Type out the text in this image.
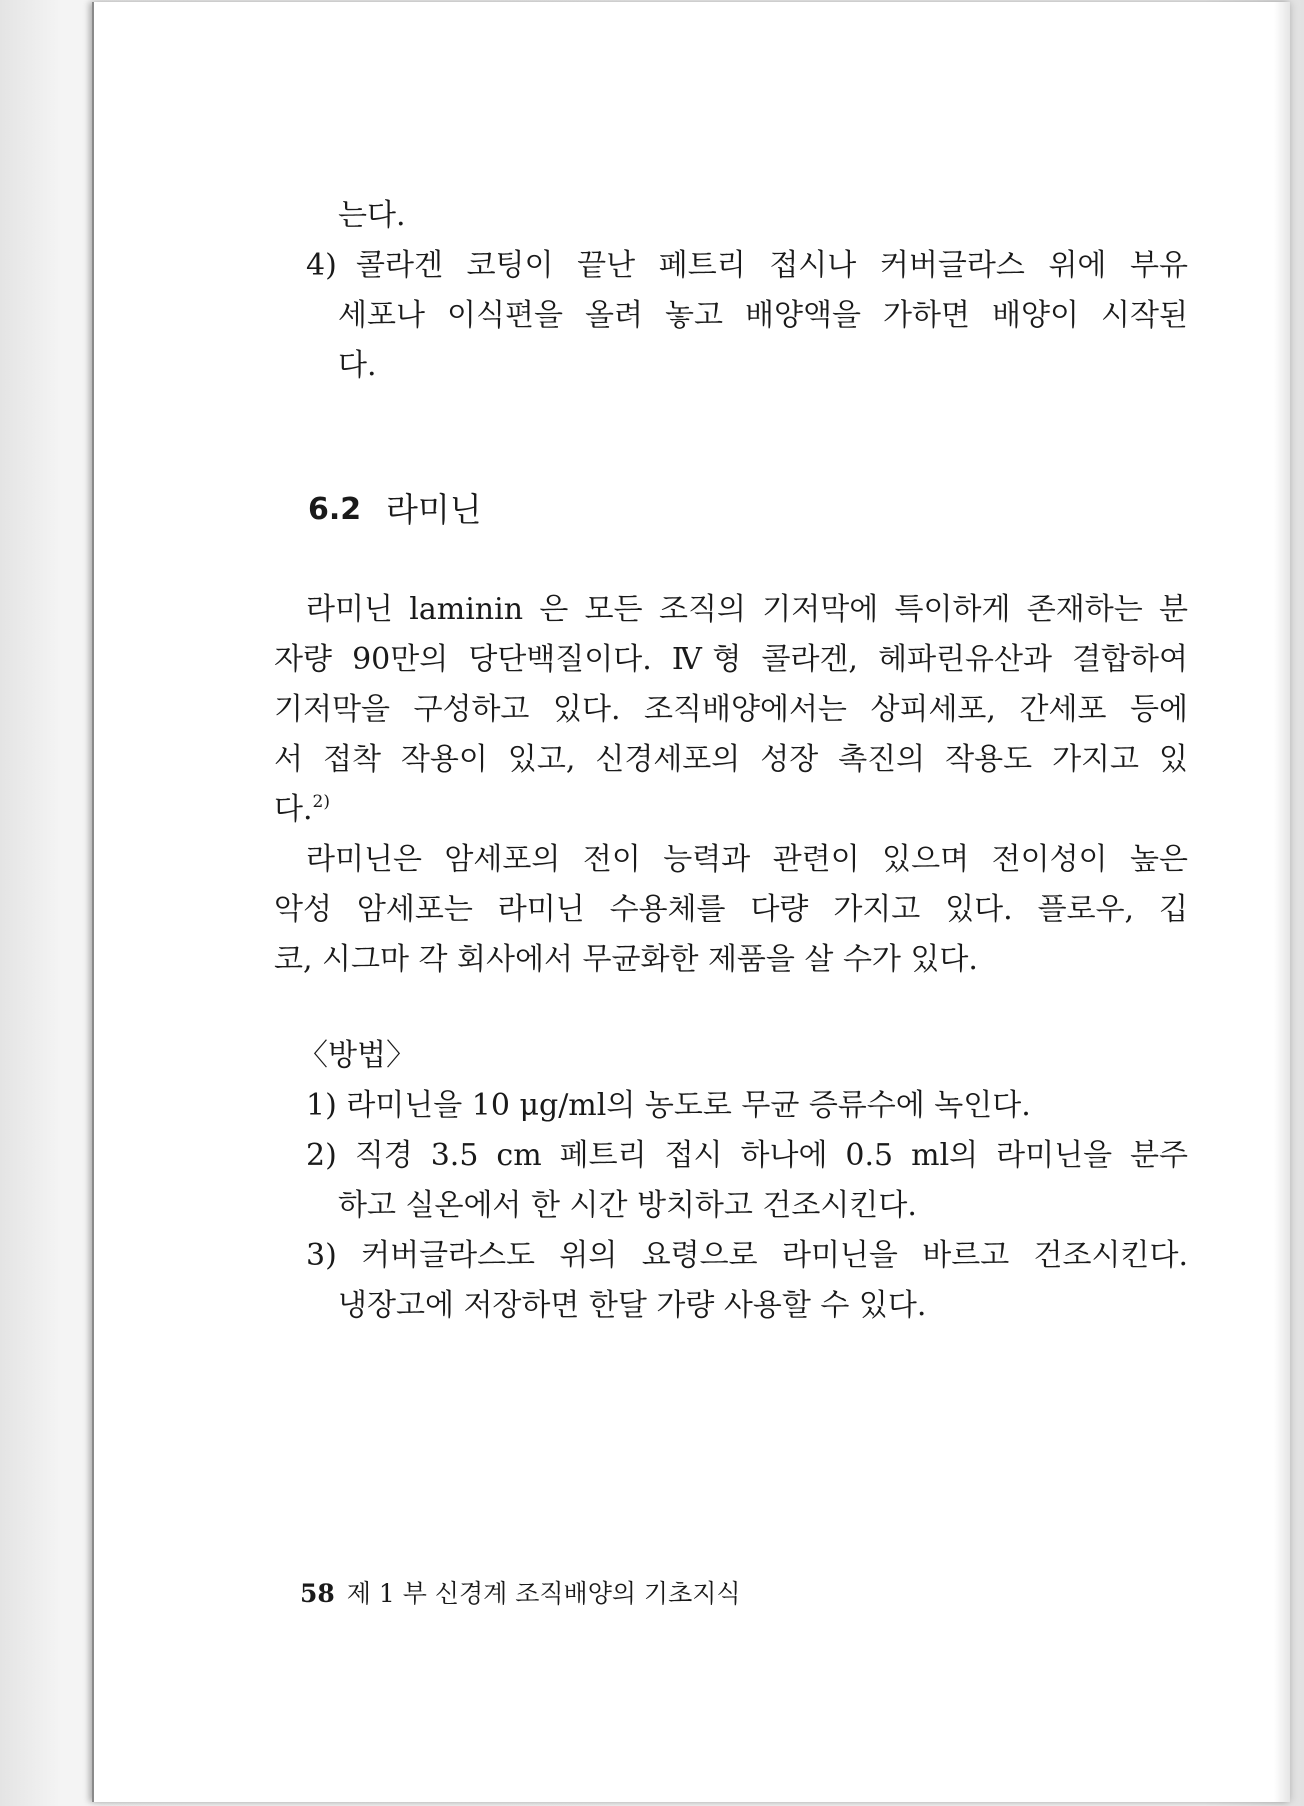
는다.
4) 콜라겐 코팅이 끝난 페트리 접시나 커버글라스 위에 부유
세포나 이식편을 올려 놓고 배양액을 가하면 배양이 시작된
다.
6.2 라미닌
라미닌 laminin 은 모든 조직의 기저막에 특이하게 존재하는 분
자량 90만의 당단백질이다. Ⅳ형 콜라겐, 헤파린유산과 결합하여
기저막을 구성하고 있다. 조직배양에서는 상피세포, 간세포 등에
서 접착 작용이 있고, 신경세포의 성장 촉진의 작용도 가지고 있
다.$^{2)}$
라미닌은 암세포의 전이 능력과 관련이 있으며 전이성이 높은
악성 암세포는 라미닌 수용체를 다량 가지고 있다. 플로우, 깁
코, 시그마 각 회사에서 무균화한 제품을 살 수가 있다.
〈방법〉
1) 라미닌을 10 μg/ml의 농도로 무균 증류수에 녹인다.
2) 직경 3.5 cm 페트리 접시 하나에 0.5 ml의 라미닌을 분주
하고 실온에서 한 시간 방치하고 건조시킨다.
3) 커버글라스도 위의 요령으로 라미닌을 바르고 건조시킨다.
냉장고에 저장하면 한달 가량 사용할 수 있다.
58 제 1 부 신경계 조직배양의 기초지식
